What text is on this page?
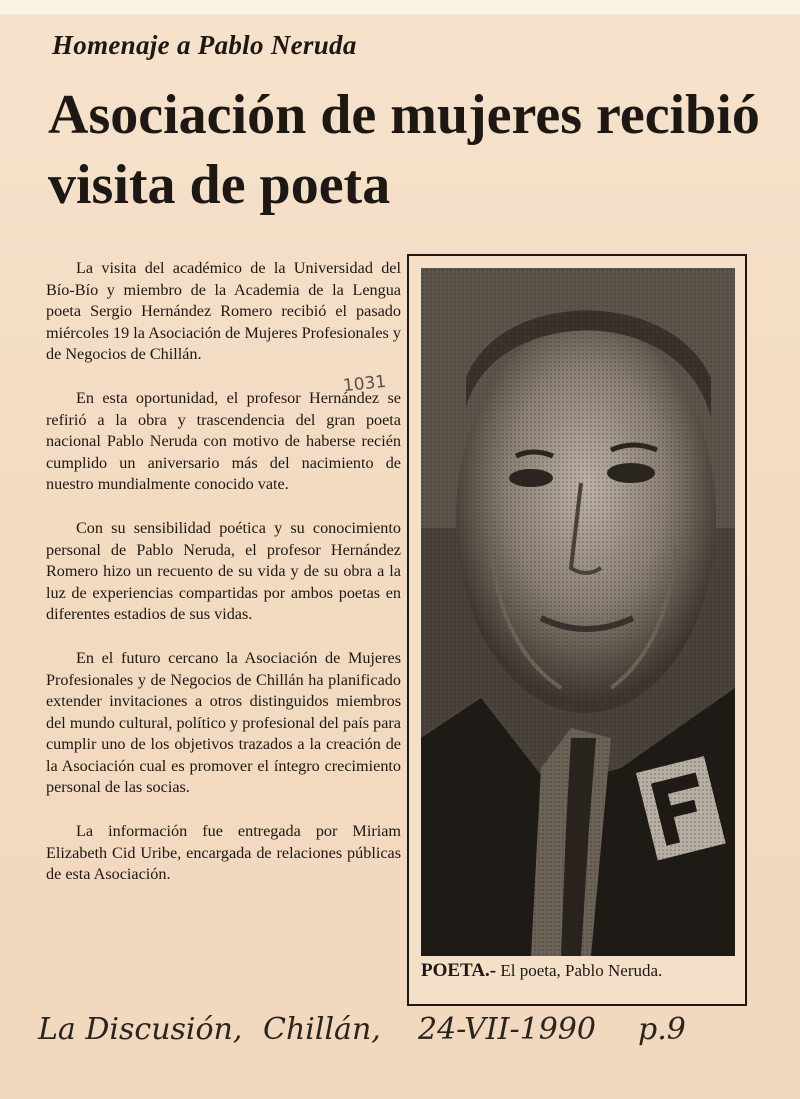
Homenaje a Pablo Neruda
Asociación de mujeres recibió visita de poeta

La visita del académico de la Universidad del Bío-Bío y miembro de la Academia de la Lengua poeta Sergio Hernández Romero recibió el pasado miércoles 19 la Asociación de Mujeres Profesionales y de Negocios de Chillán.

En esta oportunidad, el profesor Hernández se refirió a la obra y trascendencia del gran poeta nacional Pablo Neruda con motivo de haberse recién cumplido un aniversario más del nacimiento de nuestro mundialmente conocido vate.

Con su sensibilidad poética y su conocimiento personal de Pablo Neruda, el profesor Hernández Romero hizo un recuento de su vida y de su obra a la luz de experiencias compartidas por ambos poetas en diferentes estadios de sus vidas.

En el futuro cercano la Asociación de Mujeres Profesionales y de Negocios de Chillán ha planificado extender invitaciones a otros distinguidos miembros del mundo cultural, político y profesional del país para cumplir uno de los objetivos trazados a la creación de la Asociación cual es promover el íntegro crecimiento personal de las socias.

La información fue entregada por Miriam Elizabeth Cid Uribe, encargada de relaciones públicas de esta Asociación.

1031
POETA.- El poeta, Pablo Neruda.
La Discusión, Chillán, 24-VII-1990 p.9
